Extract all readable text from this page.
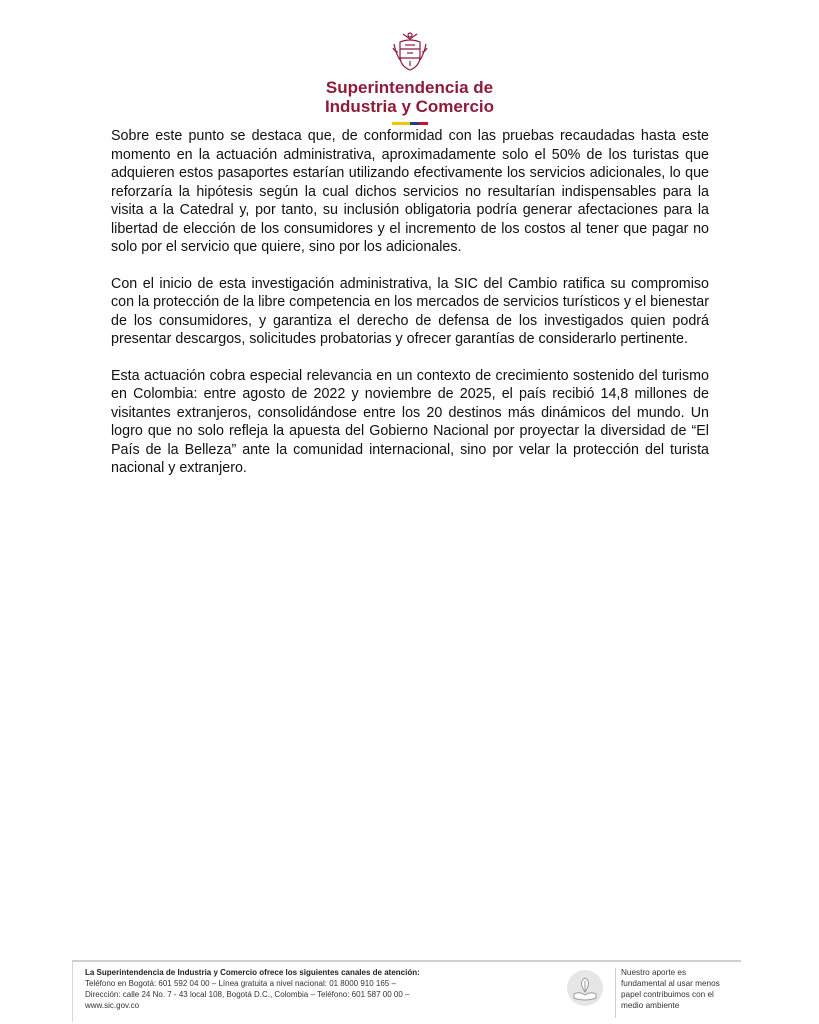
Superintendencia de
Industria y Comercio

Sobre este punto se destaca que, de conformidad con las pruebas recaudadas hasta este momento en la actuación administrativa, aproximadamente solo el 50% de los turistas que adquieren estos pasaportes estarían utilizando efectivamente los servicios adicionales, lo que reforzaría la hipótesis según la cual dichos servicios no resultarían indispensables para la visita a la Catedral y, por tanto, su inclusión obligatoria podría generar afectaciones para la libertad de elección de los consumidores y el incremento de los costos al tener que pagar no solo por el servicio que quiere, sino por los adicionales.

Con el inicio de esta investigación administrativa, la SIC del Cambio ratifica su compromiso con la protección de la libre competencia en los mercados de servicios turísticos y el bienestar de los consumidores, y garantiza el derecho de defensa de los investigados quien podrá presentar descargos, solicitudes probatorias y ofrecer garantías de considerarlo pertinente.

Esta actuación cobra especial relevancia en un contexto de crecimiento sostenido del turismo en Colombia: entre agosto de 2022 y noviembre de 2025, el país recibió 14,8 millones de visitantes extranjeros, consolidándose entre los 20 destinos más dinámicos del mundo. Un logro que no solo refleja la apuesta del Gobierno Nacional por proyectar la diversidad de “El País de la Belleza” ante la comunidad internacional, sino por velar la protección del turista nacional y extranjero.

La Superintendencia de Industria y Comercio ofrece los siguientes canales de atención:
Teléfono en Bogotá: 601 592 04 00 – Línea gratuita a nivel nacional: 01 8000 910 165 –
Dirección: calle 24 No. 7 - 43 local 108, Bogotá D.C., Colombia – Teléfono: 601 587 00 00 –
www.sic.gov.co
Nuestro aporte es
fundamental al usar menos
papel contribuimos con el
medio ambiente
